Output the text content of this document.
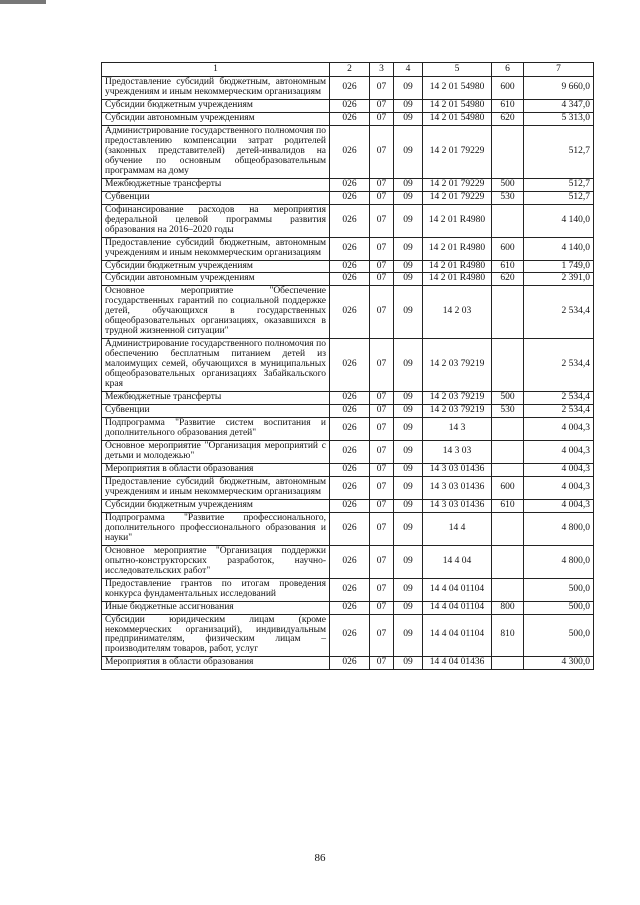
1	2	3	4	5	6	7
Предоставление субсидий бюджетным, автономным учреждениям и иным некоммерческим организациям	026	07	09	14 2 01 54980	600	9 660,0
Субсидии бюджетным учреждениям	026	07	09	14 2 01 54980	610	4 347,0
Субсидии автономным учреждениям	026	07	09	14 2 01 54980	620	5 313,0
Администрирование государственного полномочия по предоставлению компенсации затрат родителей (законных представителей) детей-инвалидов на обучение по основным общеобразовательным программам на дому	026	07	09	14 2 01 79229		512,7
Межбюджетные трансферты	026	07	09	14 2 01 79229	500	512,7
Субвенции	026	07	09	14 2 01 79229	530	512,7
Софинансирование расходов на мероприятия федеральной целевой программы развития образования на 2016–2020 годы	026	07	09	14 2 01 R4980		4 140,0
Предоставление субсидий бюджетным, автономным учреждениям и иным некоммерческим организациям	026	07	09	14 2 01 R4980	600	4 140,0
Субсидии бюджетным учреждениям	026	07	09	14 2 01 R4980	610	1 749,0
Субсидии автономным учреждениям	026	07	09	14 2 01 R4980	620	2 391,0
Основное мероприятие "Обеспечение государственных гарантий по социальной поддержке детей, обучающихся в государственных общеобразовательных организациях, оказавшихся в трудной жизненной ситуации"	026	07	09	14 2 03		2 534,4
Администрирование государственного полномочия по обеспечению бесплатным питанием детей из малоимущих семей, обучающихся в муниципальных общеобразовательных организациях Забайкальского края	026	07	09	14 2 03 79219		2 534,4
Межбюджетные трансферты	026	07	09	14 2 03 79219	500	2 534,4
Субвенции	026	07	09	14 2 03 79219	530	2 534,4
Подпрограмма "Развитие систем воспитания и дополнительного образования детей"	026	07	09	14 3		4 004,3
Основное мероприятие "Организация мероприятий с детьми и молодежью"	026	07	09	14 3 03		4 004,3
Мероприятия в области образования	026	07	09	14 3 03 01436		4 004,3
Предоставление субсидий бюджетным, автономным учреждениям и иным некоммерческим организациям	026	07	09	14 3 03 01436	600	4 004,3
Субсидии бюджетным учреждениям	026	07	09	14 3 03 01436	610	4 004,3
Подпрограмма "Развитие профессионального, дополнительного профессионального образования и науки"	026	07	09	14 4		4 800,0
Основное мероприятие "Организация поддержки опытно-конструкторских разработок, научно-исследовательских работ"	026	07	09	14 4 04		4 800,0
Предоставление грантов по итогам проведения конкурса фундаментальных исследований	026	07	09	14 4 04 01104		500,0
Иные бюджетные ассигнования	026	07	09	14 4 04 01104	800	500,0
Субсидии юридическим лицам (кроме некоммерческих организаций), индивидуальным предпринимателям, физическим лицам – производителям товаров, работ, услуг	026	07	09	14 4 04 01104	810	500,0
Мероприятия в области образования	026	07	09	14 4 04 01436		4 300,0
86
